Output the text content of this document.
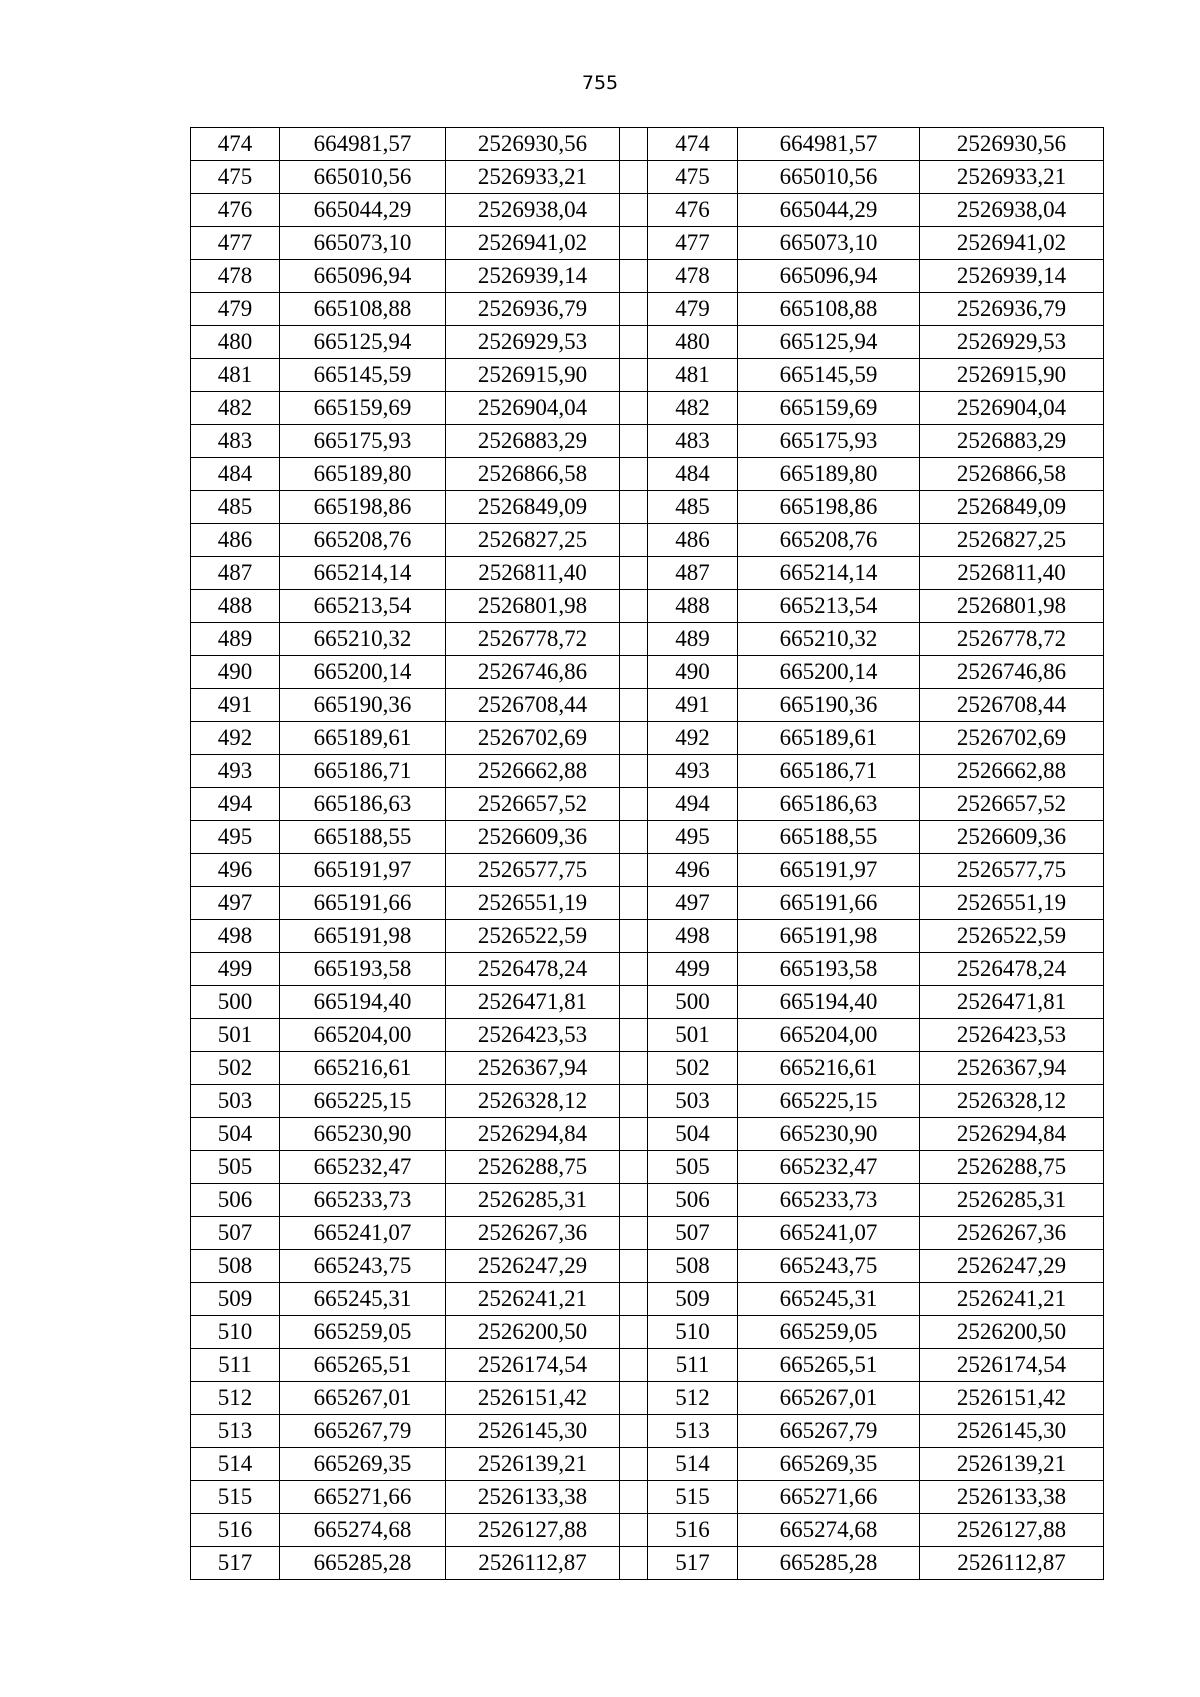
755
474	664981,57	2526930,56		474	664981,57	2526930,56
475	665010,56	2526933,21		475	665010,56	2526933,21
476	665044,29	2526938,04		476	665044,29	2526938,04
477	665073,10	2526941,02		477	665073,10	2526941,02
478	665096,94	2526939,14		478	665096,94	2526939,14
479	665108,88	2526936,79		479	665108,88	2526936,79
480	665125,94	2526929,53		480	665125,94	2526929,53
481	665145,59	2526915,90		481	665145,59	2526915,90
482	665159,69	2526904,04		482	665159,69	2526904,04
483	665175,93	2526883,29		483	665175,93	2526883,29
484	665189,80	2526866,58		484	665189,80	2526866,58
485	665198,86	2526849,09		485	665198,86	2526849,09
486	665208,76	2526827,25		486	665208,76	2526827,25
487	665214,14	2526811,40		487	665214,14	2526811,40
488	665213,54	2526801,98		488	665213,54	2526801,98
489	665210,32	2526778,72		489	665210,32	2526778,72
490	665200,14	2526746,86		490	665200,14	2526746,86
491	665190,36	2526708,44		491	665190,36	2526708,44
492	665189,61	2526702,69		492	665189,61	2526702,69
493	665186,71	2526662,88		493	665186,71	2526662,88
494	665186,63	2526657,52		494	665186,63	2526657,52
495	665188,55	2526609,36		495	665188,55	2526609,36
496	665191,97	2526577,75		496	665191,97	2526577,75
497	665191,66	2526551,19		497	665191,66	2526551,19
498	665191,98	2526522,59		498	665191,98	2526522,59
499	665193,58	2526478,24		499	665193,58	2526478,24
500	665194,40	2526471,81		500	665194,40	2526471,81
501	665204,00	2526423,53		501	665204,00	2526423,53
502	665216,61	2526367,94		502	665216,61	2526367,94
503	665225,15	2526328,12		503	665225,15	2526328,12
504	665230,90	2526294,84		504	665230,90	2526294,84
505	665232,47	2526288,75		505	665232,47	2526288,75
506	665233,73	2526285,31		506	665233,73	2526285,31
507	665241,07	2526267,36		507	665241,07	2526267,36
508	665243,75	2526247,29		508	665243,75	2526247,29
509	665245,31	2526241,21		509	665245,31	2526241,21
510	665259,05	2526200,50		510	665259,05	2526200,50
511	665265,51	2526174,54		511	665265,51	2526174,54
512	665267,01	2526151,42		512	665267,01	2526151,42
513	665267,79	2526145,30		513	665267,79	2526145,30
514	665269,35	2526139,21		514	665269,35	2526139,21
515	665271,66	2526133,38		515	665271,66	2526133,38
516	665274,68	2526127,88		516	665274,68	2526127,88
517	665285,28	2526112,87		517	665285,28	2526112,87
